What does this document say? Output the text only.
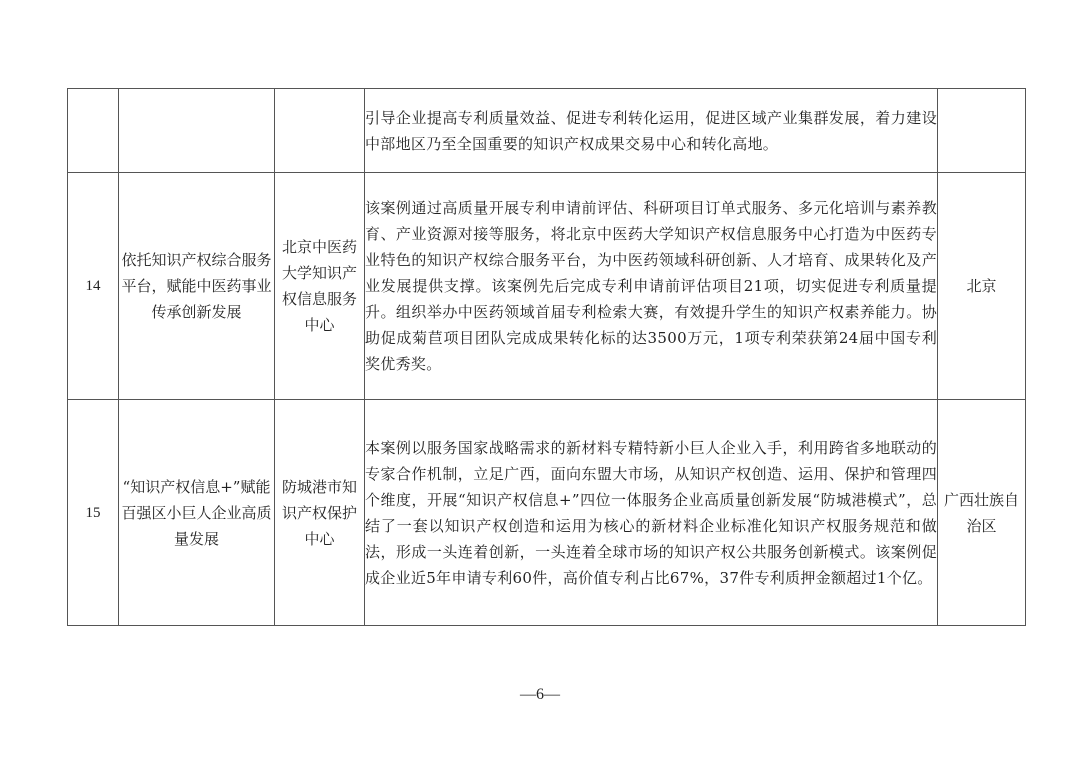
			引导企业提高专利质量效益、促进专利转化运用，促进区域产业集群发展，着力建设中部地区乃至全国重要的知识产权成果交易中心和转化高地。	
14	依托知识产权综合服务平台，赋能中医药事业传承创新发展	北京中医药大学知识产权信息服务中心	该案例通过高质量开展专利申请前评估、科研项目订单式服务、多元化培训与素养教育、产业资源对接等服务，将北京中医药大学知识产权信息服务中心打造为中医药专业特色的知识产权综合服务平台，为中医药领域科研创新、人才培育、成果转化及产业发展提供支撑。该案例先后完成专利申请前评估项目21项，切实促进专利质量提升。组织举办中医药领域首届专利检索大赛，有效提升学生的知识产权素养能力。协助促成菊苣项目团队完成成果转化标的达3500万元，1项专利荣获第24届中国专利奖优秀奖。	北京
15	“知识产权信息+”赋能百强区小巨人企业高质量发展	防城港市知识产权保护中心	本案例以服务国家战略需求的新材料专精特新小巨人企业入手，利用跨省多地联动的专家合作机制，立足广西，面向东盟大市场，从知识产权创造、运用、保护和管理四个维度，开展“知识产权信息+”四位一体服务企业高质量创新发展“防城港模式”，总结了一套以知识产权创造和运用为核心的新材料企业标准化知识产权服务规范和做法，形成一头连着创新，一头连着全球市场的知识产权公共服务创新模式。该案例促成企业近5年申请专利60件，高价值专利占比67%，37件专利质押金额超过1个亿。	广西壮族自治区
—6—
